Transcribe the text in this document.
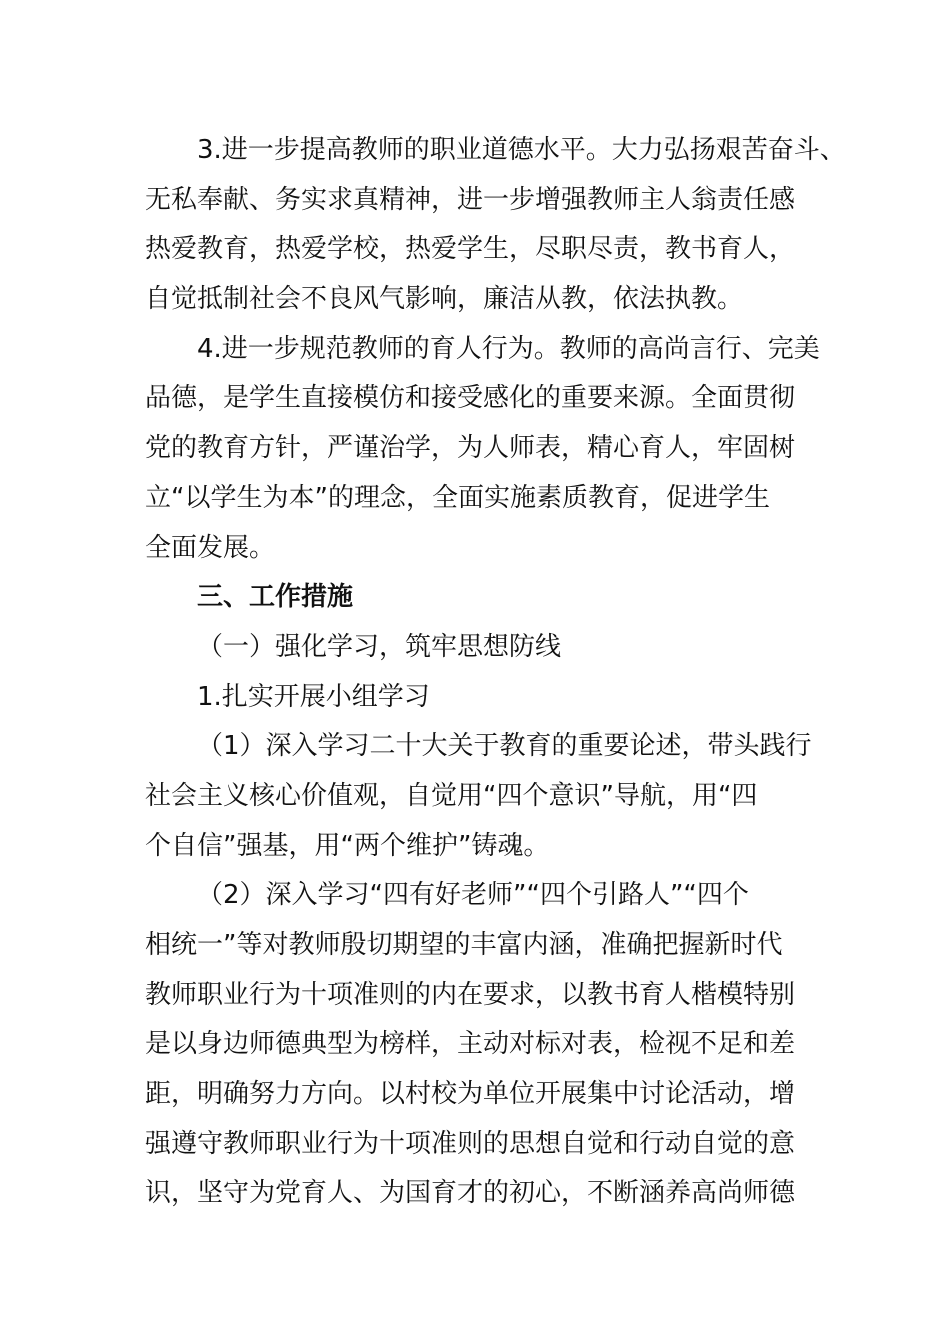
3.进一步提高教师的职业道德水平。大力弘扬艰苦奋斗、
无私奉献、务实求真精神，进一步增强教师主人翁责任感
热爱教育，热爱学校，热爱学生，尽职尽责，教书育人，
自觉抵制社会不良风气影响，廉洁从教，依法执教。
4.进一步规范教师的育人行为。教师的高尚言行、完美
品德，是学生直接模仿和接受感化的重要来源。全面贯彻
党的教育方针，严谨治学，为人师表，精心育人，牢固树
立“以学生为本”的理念，全面实施素质教育，促进学生
全面发展。
三、工作措施
（一）强化学习，筑牢思想防线
1.扎实开展小组学习
（1）深入学习二十大关于教育的重要论述，带头践行
社会主义核心价值观，自觉用“四个意识”导航，用“四
个自信”强基，用“两个维护”铸魂。
（2）深入学习“四有好老师”“四个引路人”“四个
相统一”等对教师殷切期望的丰富内涵，准确把握新时代
教师职业行为十项准则的内在要求，以教书育人楷模特别
是以身边师德典型为榜样，主动对标对表，检视不足和差
距，明确努力方向。以村校为单位开展集中讨论活动，增
强遵守教师职业行为十项准则的思想自觉和行动自觉的意
识，坚守为党育人、为国育才的初心，不断涵养高尚师德
